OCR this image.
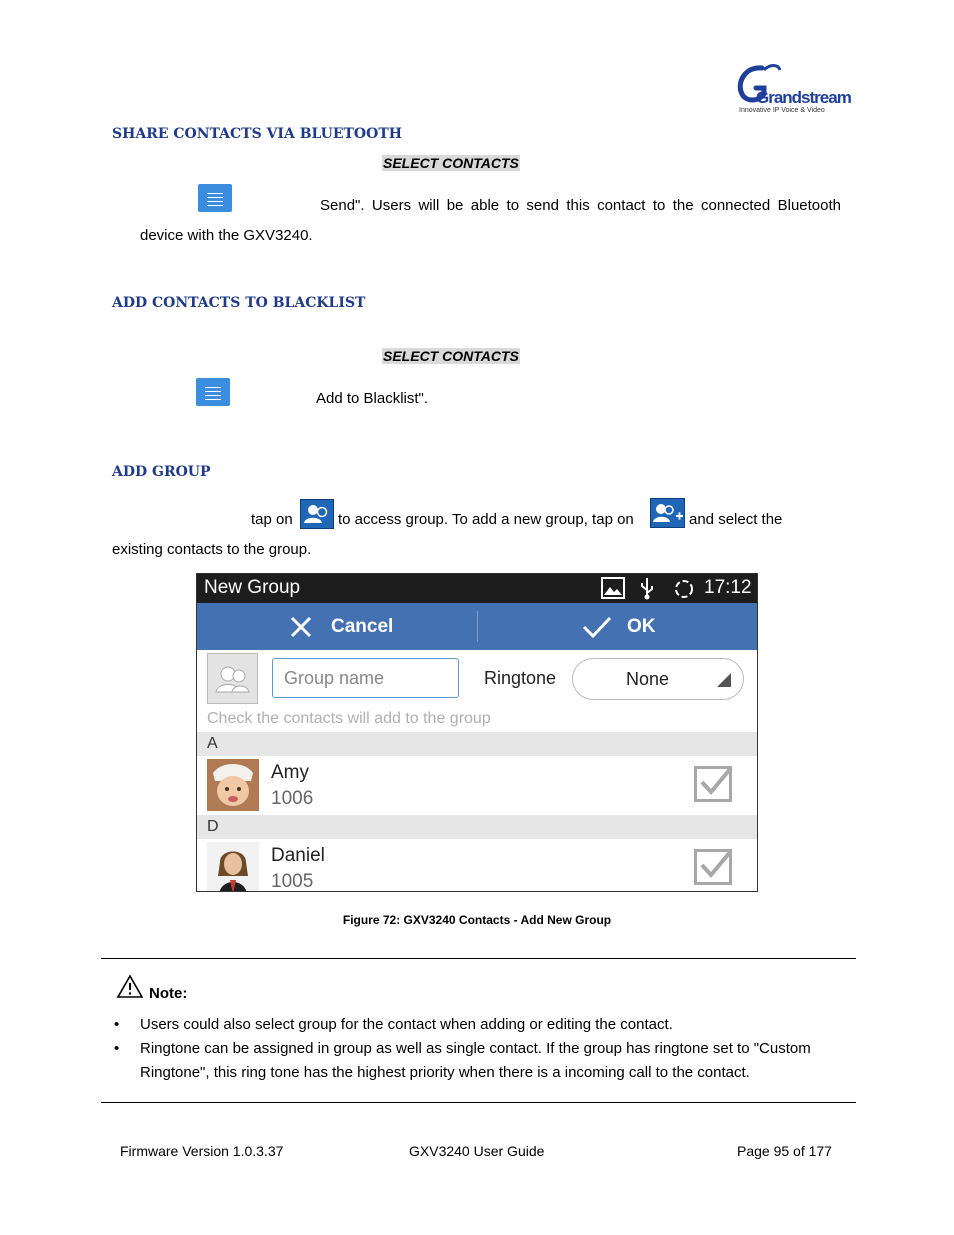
Grandstream
Innovative IP Voice & Video
SHARE CONTACTS VIA BLUETOOTH
SELECT CONTACTS
Send". Users will be able to send this contact to the connected Bluetooth
device with the GXV3240.
ADD CONTACTS TO BLACKLIST
SELECT CONTACTS
Add to Blacklist".
ADD GROUP
tap on	to access group. To add a new group, tap on	and select the
existing contacts to the group.
New Group	17:12
Cancel	OK
Group name	Ringtone	None
Check the contacts will add to the group
A
Amy
1006
D
Daniel
1005
Figure 72: GXV3240 Contacts - Add New Group
Note:
• Users could also select group for the contact when adding or editing the contact.
• Ringtone can be assigned in group as well as single contact. If the group has ringtone set to "Custom
Ringtone", this ring tone has the highest priority when there is a incoming call to the contact.
Firmware Version 1.0.3.37	GXV3240 User Guide	Page 95 of 177
